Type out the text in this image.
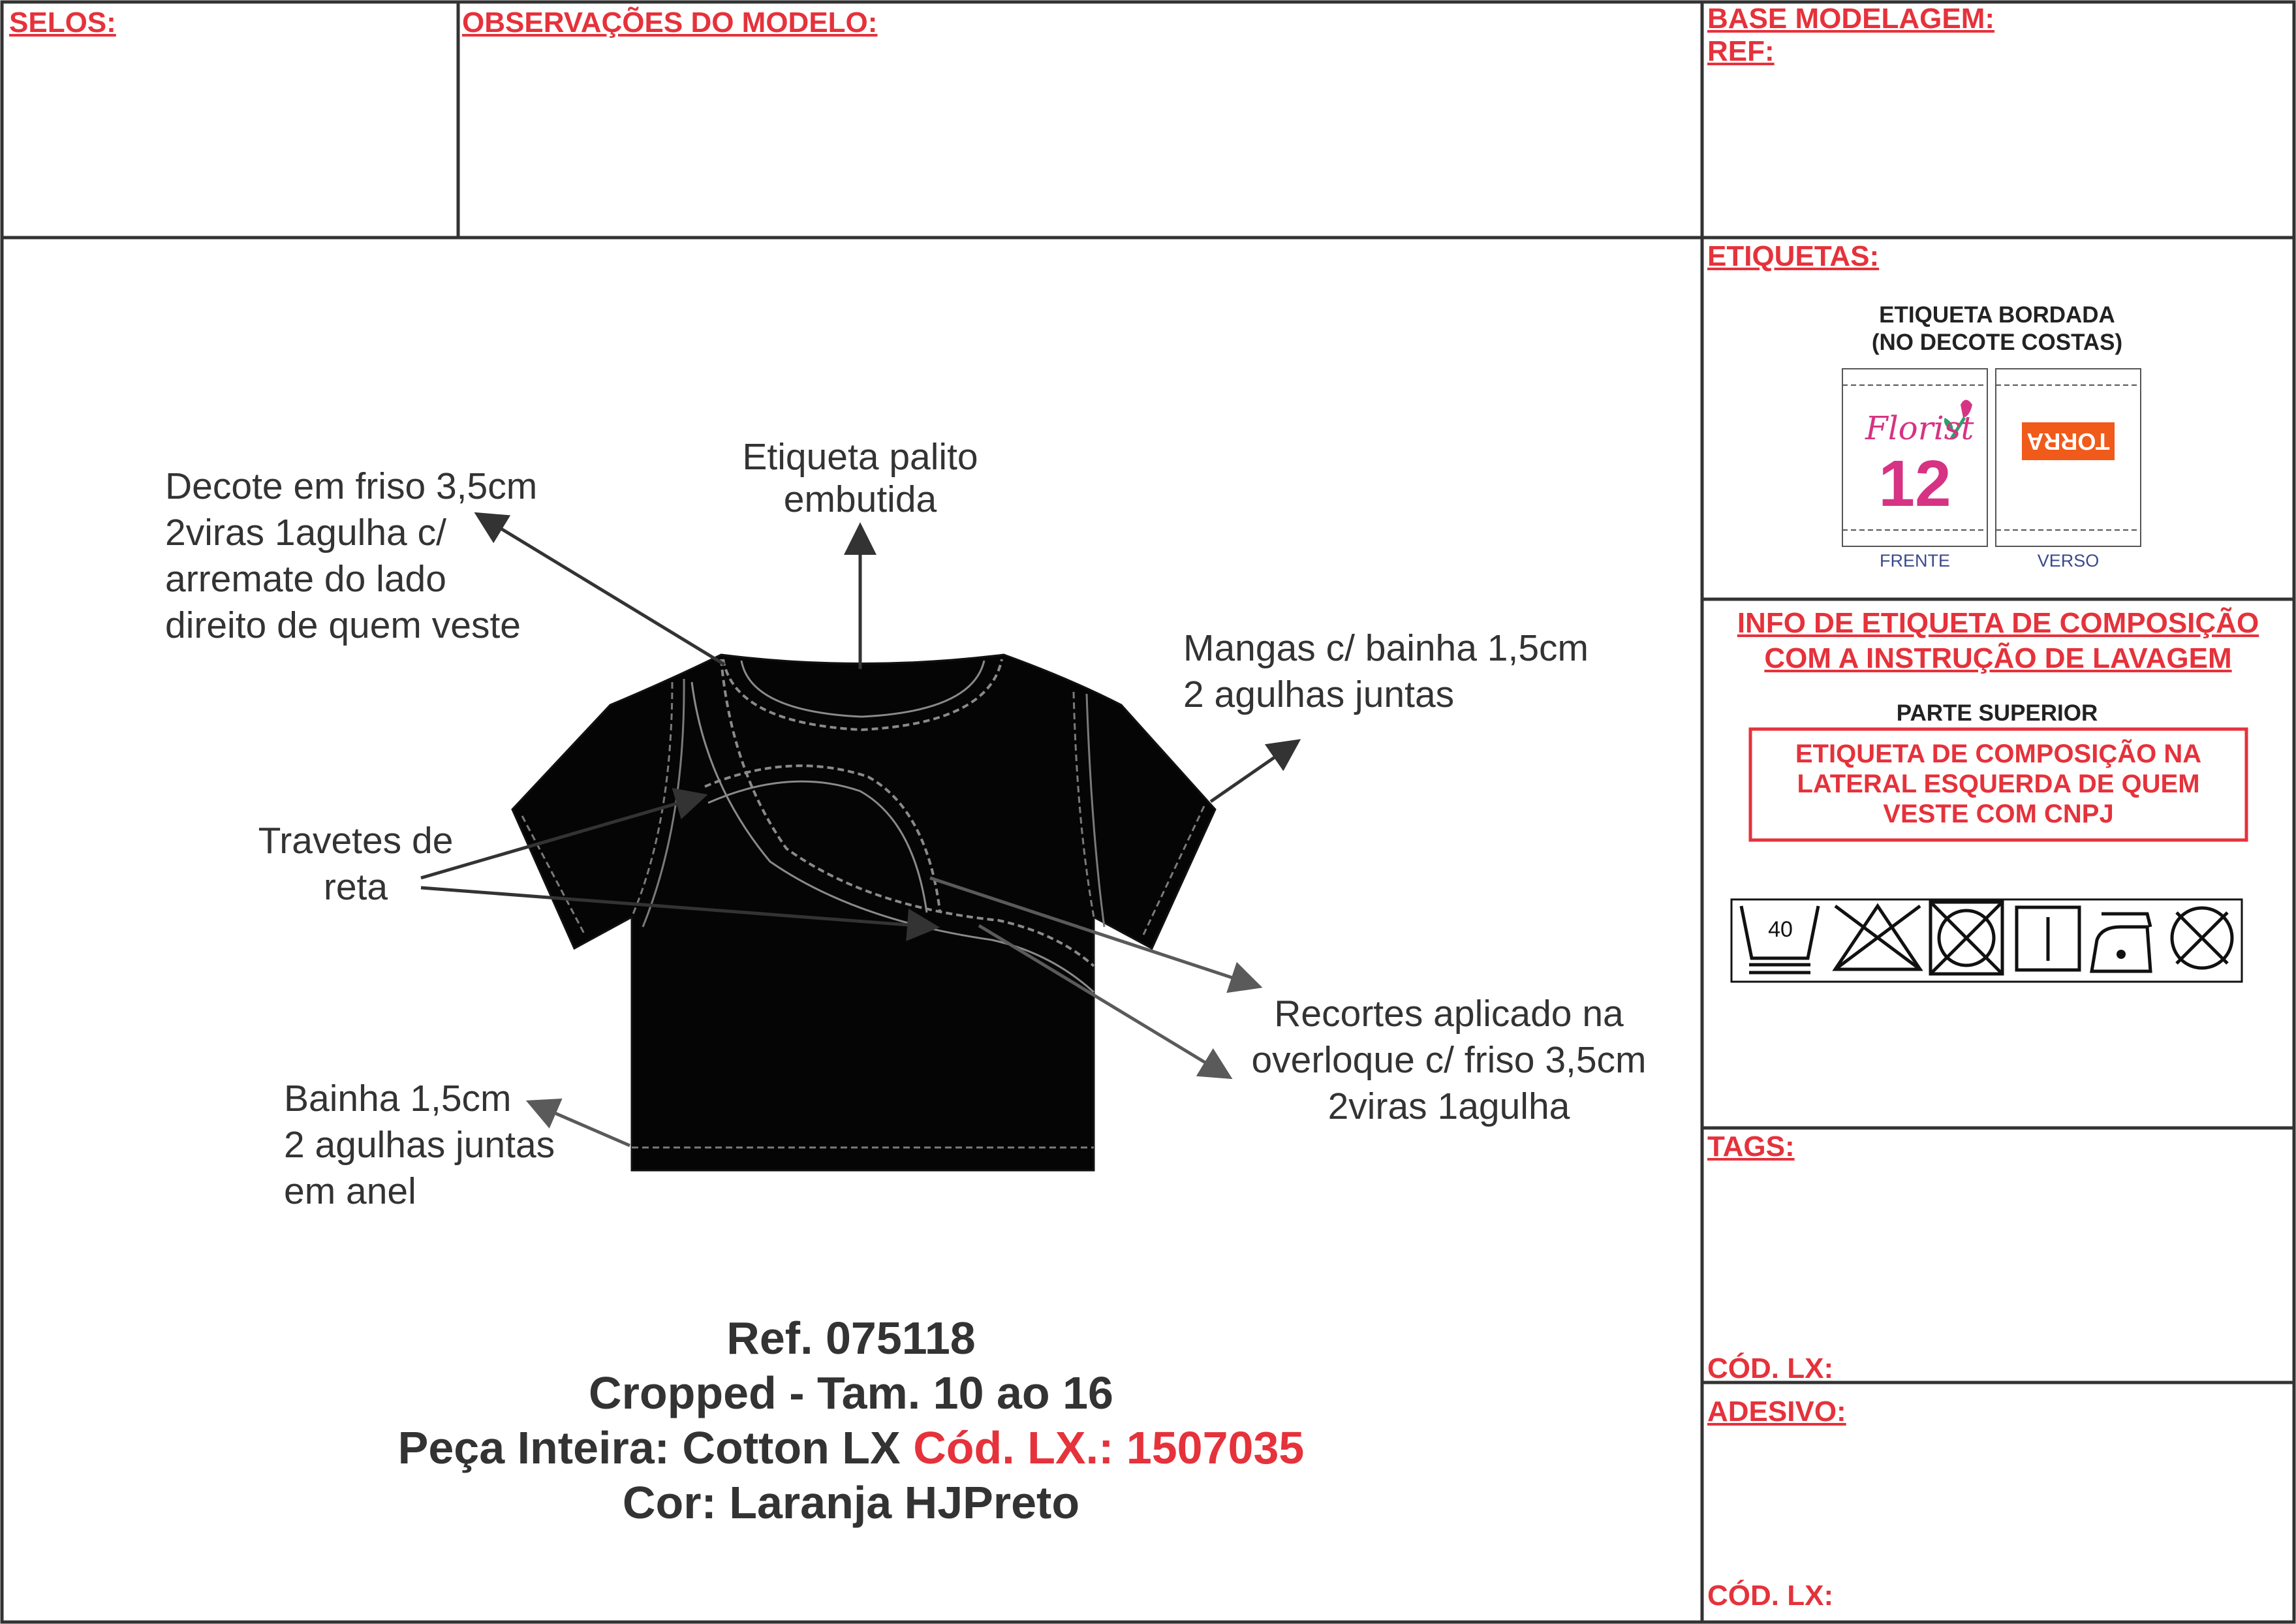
SELOS:	OBSERVAÇÕES DO MODELO:	BASE MODELAGEM:
REF:
Decote em friso 3,5cm
2viras 1agulha c/
arremate do lado
direito de quem veste
Etiqueta palito
embutida
Mangas c/ bainha 1,5cm
2 agulhas juntas
Travetes de
reta
Recortes aplicado na
overloque c/ friso 3,5cm
2viras 1agulha
Bainha 1,5cm
2 agulhas juntas
em anel
Ref. 075118
Cropped - Tam. 10 ao 16
Peça Inteira: Cotton LX Cód. LX.: 1507035
Cor: Laranja HJPreto
ETIQUETAS:
ETIQUETA BORDADA
(NO DECOTE COSTAS)
Florist
12
TORRA
FRENTE	VERSO
INFO DE ETIQUETA DE COMPOSIÇÃO
COM A INSTRUÇÃO DE LAVAGEM
PARTE SUPERIOR
ETIQUETA DE COMPOSIÇÃO NA
LATERAL ESQUERDA DE QUEM
VESTE COM CNPJ
40
TAGS:
CÓD. LX:
ADESIVO:
CÓD. LX:
